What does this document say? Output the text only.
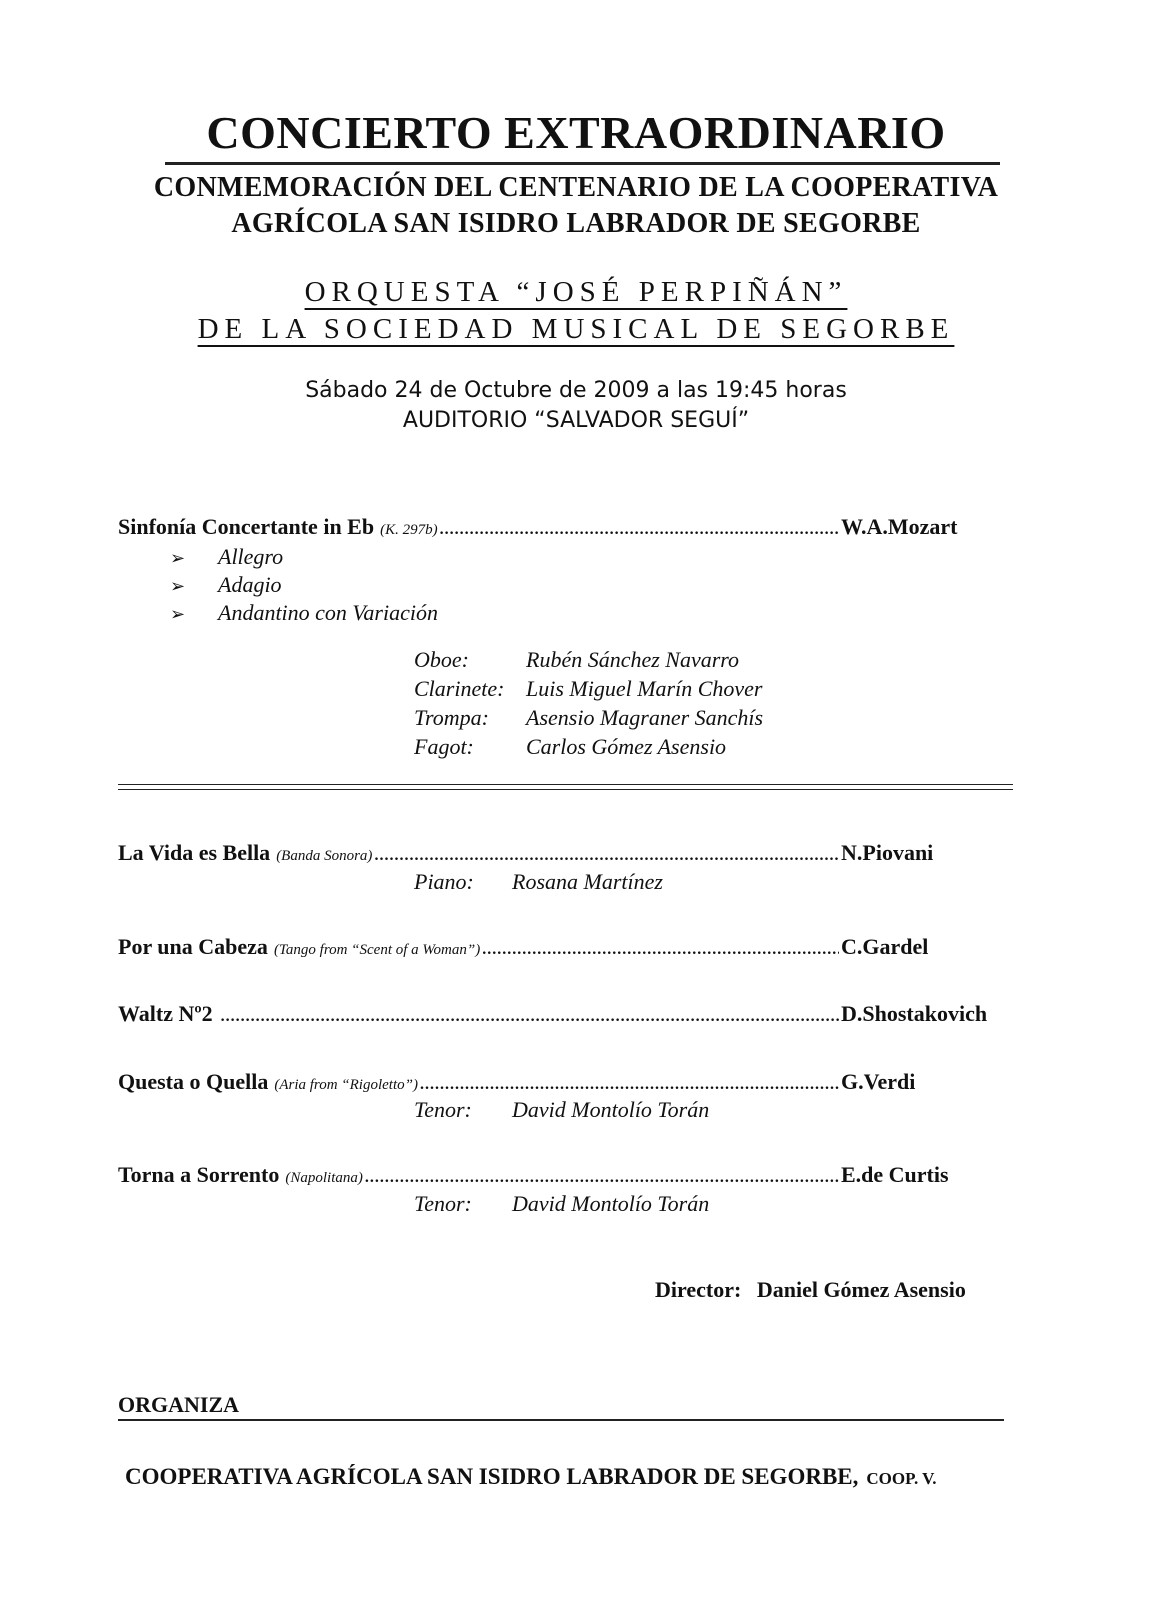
CONCIERTO EXTRAORDINARIO
CONMEMORACIÓN DEL CENTENARIO DE LA COOPERATIVA
AGRÍCOLA SAN ISIDRO LABRADOR DE SEGORBE
ORQUESTA “JOSÉ PERPIÑÁN”
DE LA SOCIEDAD MUSICAL DE SEGORBE
Sábado 24 de Octubre de 2009 a las 19:45 horas
AUDITORIO “SALVADOR SEGUÍ”
Sinfonía Concertante in Eb (K. 297b) .....	W.A.Mozart
➢ Allegro
➢ Adagio
➢ Andantino con Variación
Oboe:	Rubén Sánchez Navarro
Clarinete: Luis Miguel Marín Chover
Trompa: Asensio Magraner Sanchís
Fagot: Carlos Gómez Asensio
La Vida es Bella (Banda Sonora) .....	N.Piovani
Piano: Rosana Martínez
Por una Cabeza (Tango from “Scent of a Woman”) .....	C.Gardel
Waltz Nº2 .....	D.Shostakovich
Questa o Quella (Aria from “Rigoletto”) .....	G.Verdi
Tenor: David Montolío Torán
Torna a Sorrento (Napolitana) .....	E.de Curtis
Tenor: David Montolío Torán
Director: Daniel Gómez Asensio
ORGANIZA
COOPERATIVA AGRÍCOLA SAN ISIDRO LABRADOR DE SEGORBE, COOP. V.
